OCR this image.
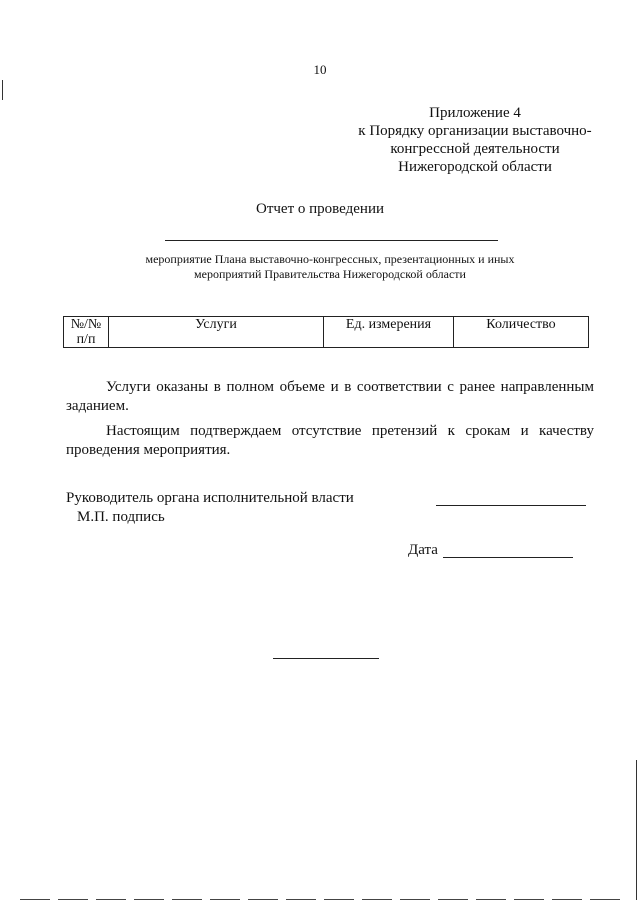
10
Приложение 4
к Порядку организации выставочно-
конгрессной деятельности
Нижегородской области
Отчет о проведении
мероприятие Плана выставочно-конгрессных, презентационных и иных
мероприятий Правительства Нижегородской области
№/№ п/п	Услуги	Ед. измерения	Количество
Услуги оказаны в полном объеме и в соответствии с ранее направленным заданием.
Настоящим подтверждаем отсутствие претензий к срокам и качеству проведения мероприятия.
Руководитель органа исполнительной власти
М.П. подпись
Дата
